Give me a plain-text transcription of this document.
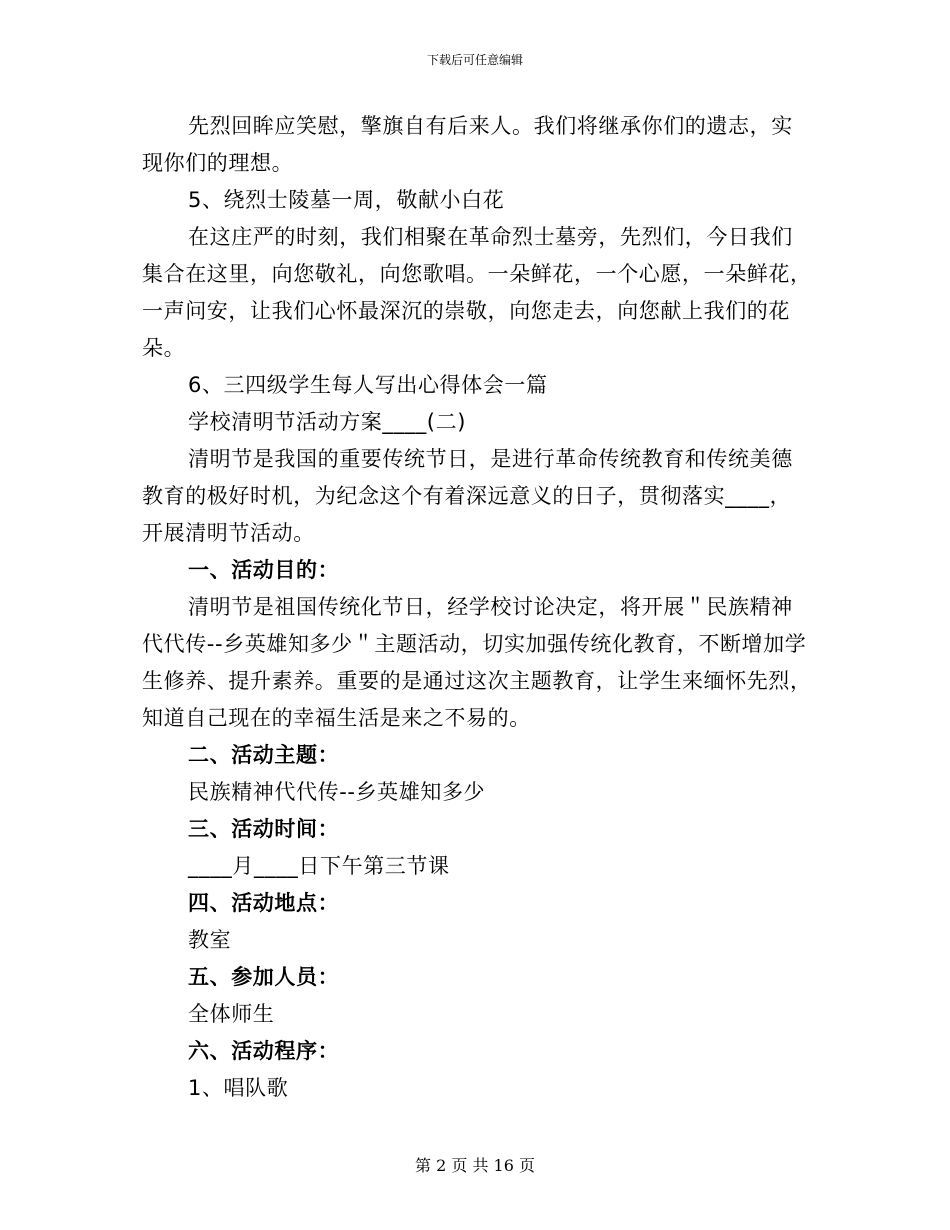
下载后可任意编辑

先烈回眸应笑慰，擎旗自有后来人。我们将继承你们的遗志，实现你们的理想。

5、绕烈士陵墓一周，敬献小白花

在这庄严的时刻，我们相聚在革命烈士墓旁，先烈们，今日我们集合在这里，向您敬礼，向您歌唱。一朵鲜花，一个心愿，一朵鲜花，一声问安，让我们心怀最深沉的崇敬，向您走去，向您献上我们的花朵。

6、三四级学生每人写出心得体会一篇

学校清明节活动方案____(二)

清明节是我国的重要传统节日，是进行革命传统教育和传统美德教育的极好时机，为纪念这个有着深远意义的日子，贯彻落实____，开展清明节活动。

一、活动目的：

清明节是祖国传统化节日，经学校讨论决定，将开展＂民族精神代代传--乡英雄知多少＂主题活动，切实加强传统化教育，不断增加学生修养、提升素养。重要的是通过这次主题教育，让学生来缅怀先烈，知道自己现在的幸福生活是来之不易的。

二、活动主题：

民族精神代代传--乡英雄知多少

三、活动时间：

____月____日下午第三节课

四、活动地点：

教室

五、参加人员：

全体师生

六、活动程序：

1、唱队歌

第 2 页 共 16 页
